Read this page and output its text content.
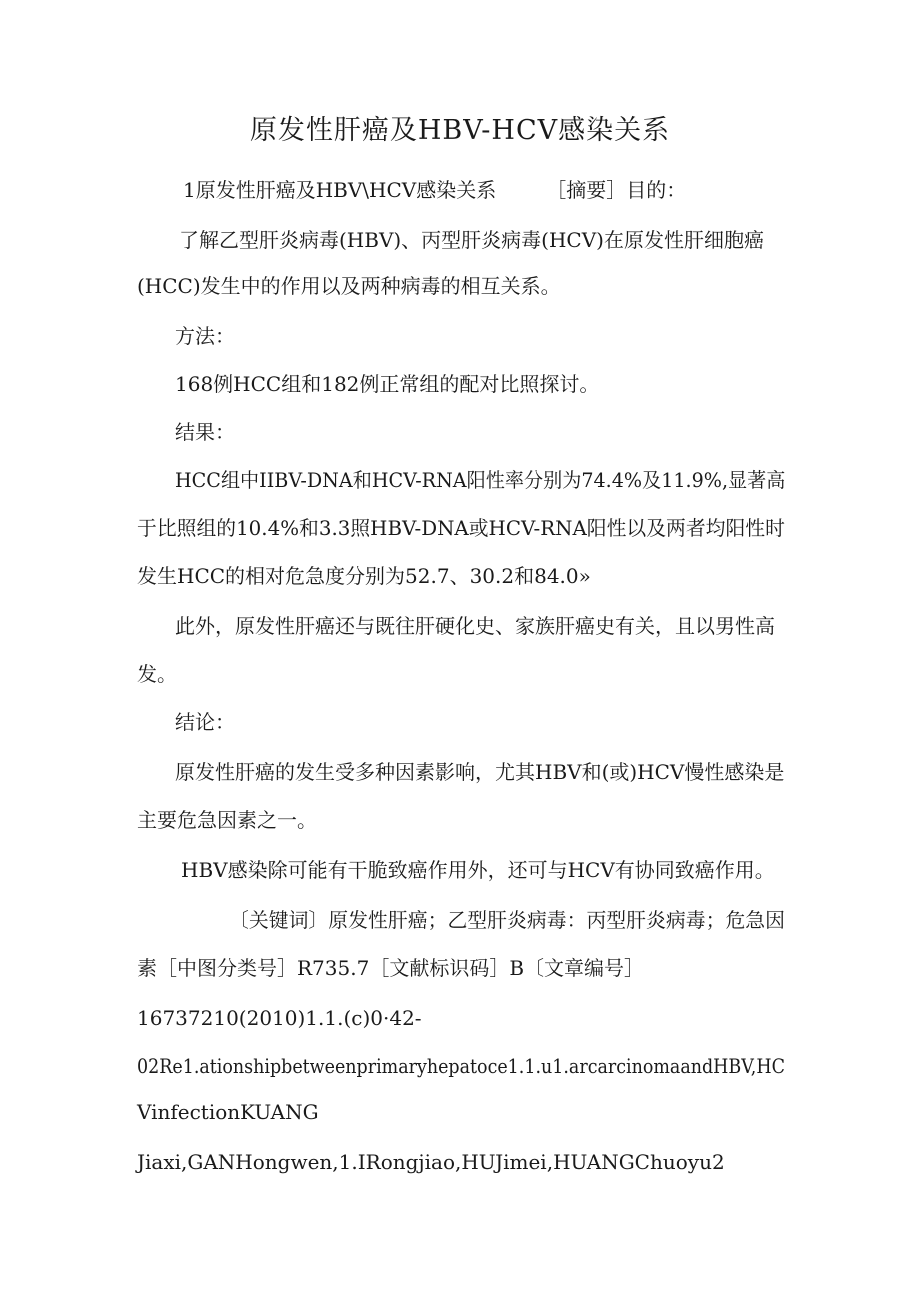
原发性肝癌及HBV-HCV感染关系
1原发性肝癌及HBV\HCV感染关系　　　［摘要］目的：
了解乙型肝炎病毒(HBV)、丙型肝炎病毒(HCV)在原发性肝细胞癌
(HCC)发生中的作用以及两种病毒的相互关系。
方法：
168例HCC组和182例正常组的配对比照探讨。
结果：
HCC组中IIBV-DNA和HCV-RNA阳性率分别为74.4%及11.9%,显著高
于比照组的10.4%和3.3照HBV-DNA或HCV-RNA阳性以及两者均阳性时
发生HCC的相对危急度分别为52.7、30.2和84.0»
此外，原发性肝癌还与既往肝硬化史、家族肝癌史有关，且以男性高
发。
结论：
原发性肝癌的发生受多种因素影响，尤其HBV和(或)HCV慢性感染是
主要危急因素之一。
HBV感染除可能有干脆致癌作用外，还可与HCV有协同致癌作用。
〔关键词〕原发性肝癌；乙型肝炎病毒：丙型肝炎病毒；危急因
素［中图分类号］R735.7［文献标识码］B〔文章编号］
16737210(2010)1.1.(c)0·42-
02Re1.ationshipbetweenprimaryhepatoce1.1.u1.arcarcinomaandHBV,HC
VinfectionKUANG
Jiaxi,GANHongwen,1.IRongjiao,HUJimei,HUANGChuoyu2
